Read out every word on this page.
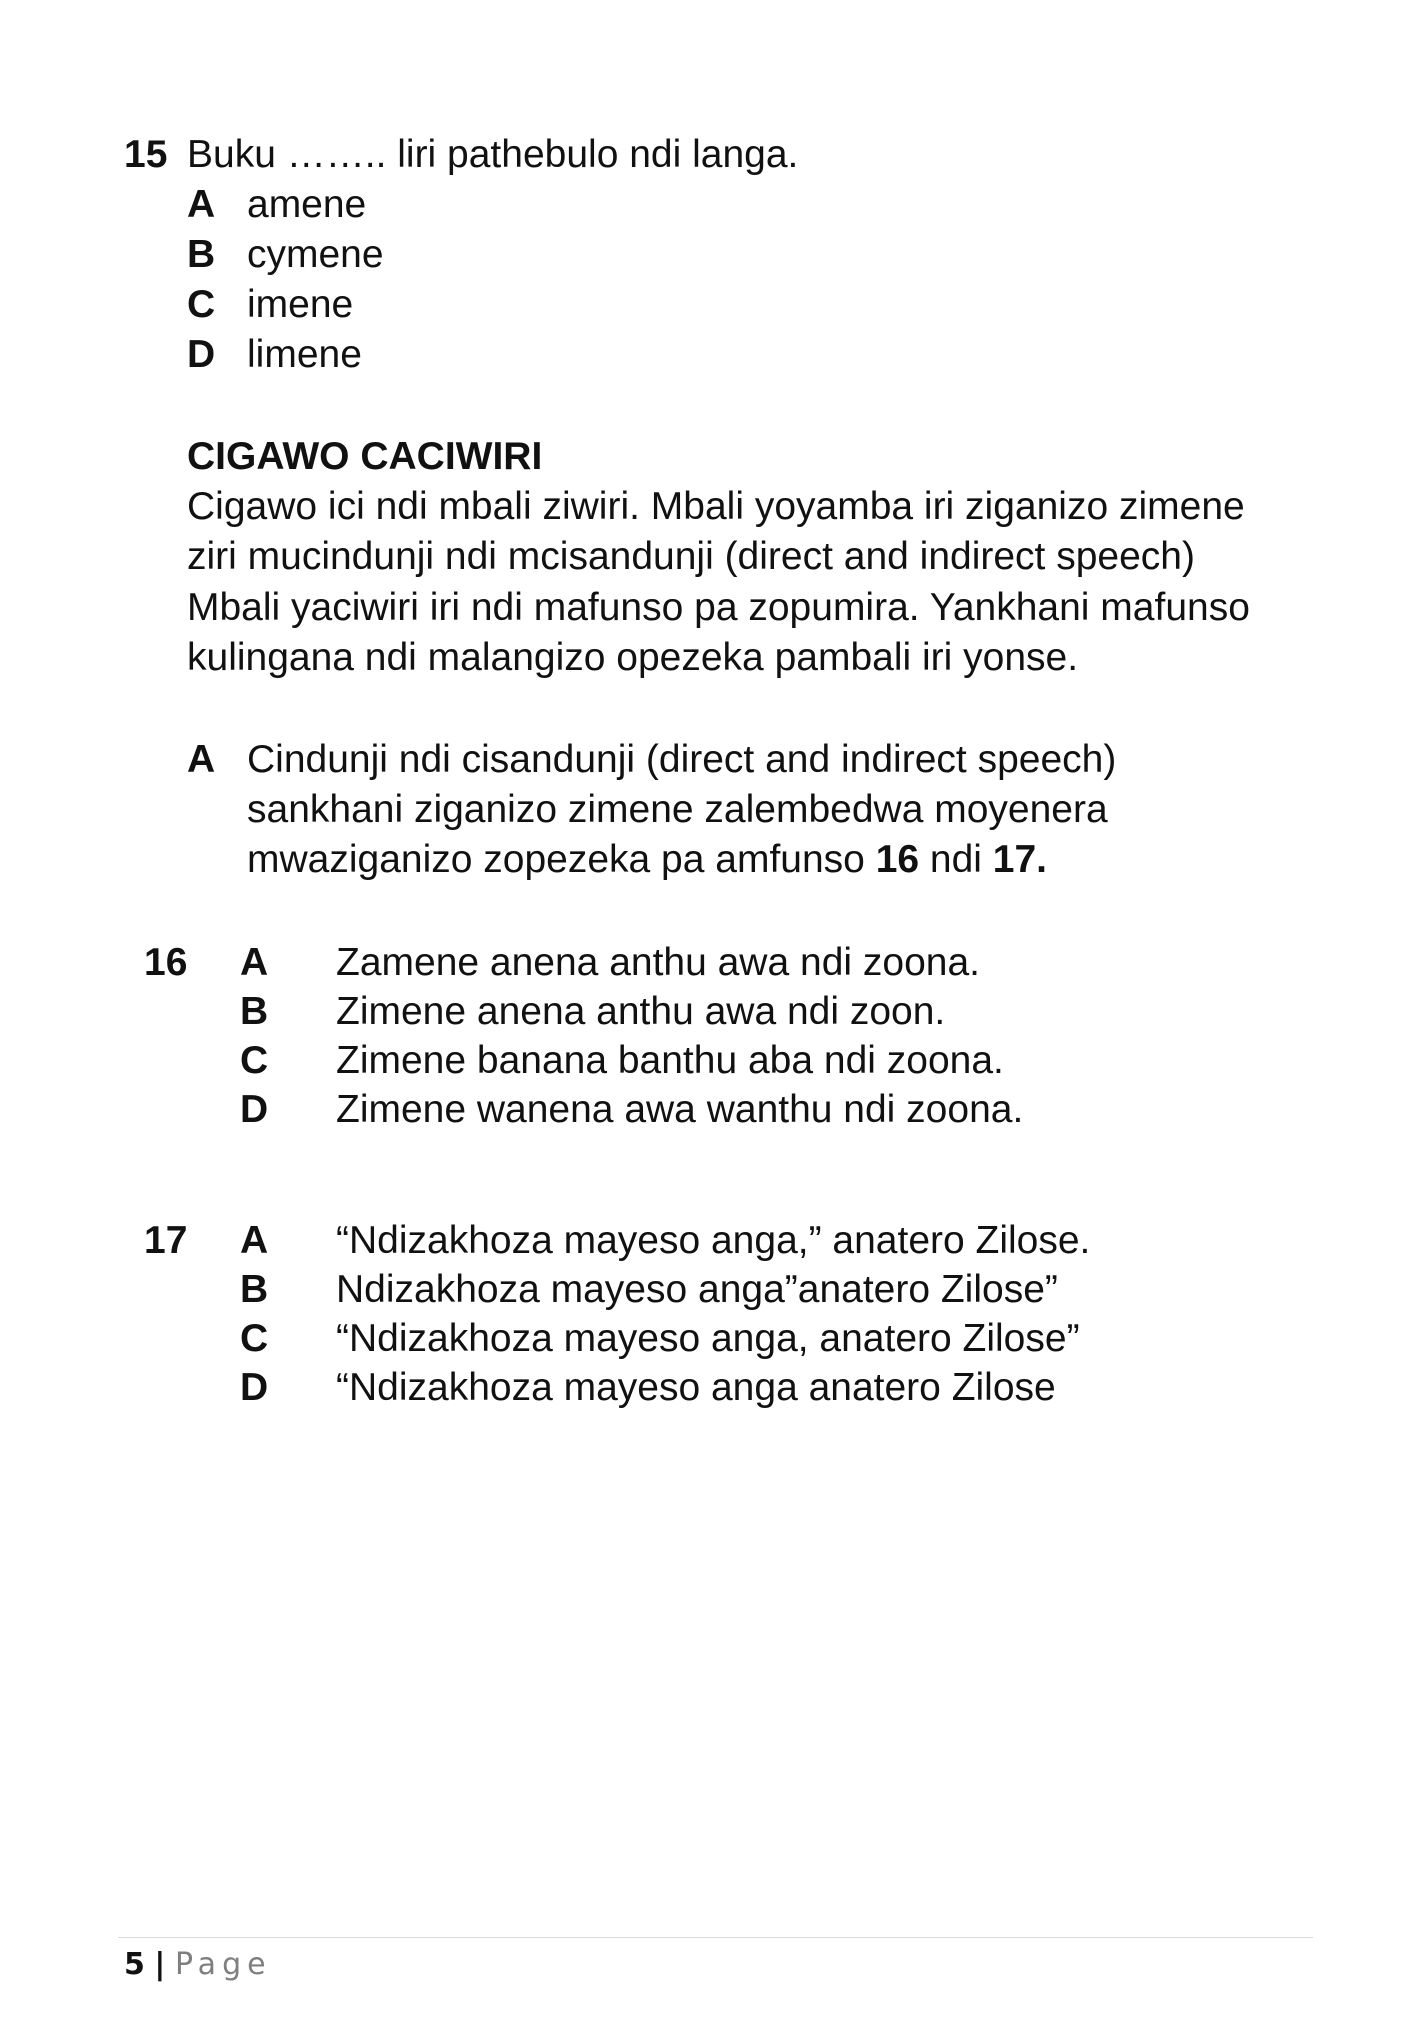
15 Buku …….. liri pathebulo ndi langa.
A amene
B cymene
C imene
D limene
CIGAWO CACIWIRI
Cigawo ici ndi mbali ziwiri. Mbali yoyamba iri ziganizo zimene
ziri mucindunji ndi mcisandunji (direct and indirect speech)
Mbali yaciwiri iri ndi mafunso pa zopumira. Yankhani mafunso
kulingana ndi malangizo opezeka pambali iri yonse.
A Cindunji ndi cisandunji (direct and indirect speech)
sankhani ziganizo zimene zalembedwa moyenera
mwaziganizo zopezeka pa amfunso 16 ndi 17.
16 A Zamene anena anthu awa ndi zoona.
B Zimene anena anthu awa ndi zoon.
C Zimene banana banthu aba ndi zoona.
D Zimene wanena awa wanthu ndi zoona.
17 A “Ndizakhoza mayeso anga,” anatero Zilose.
B Ndizakhoza mayeso anga”anatero Zilose”
C “Ndizakhoza mayeso anga, anatero Zilose”
D “Ndizakhoza mayeso anga anatero Zilose
5 | Page
